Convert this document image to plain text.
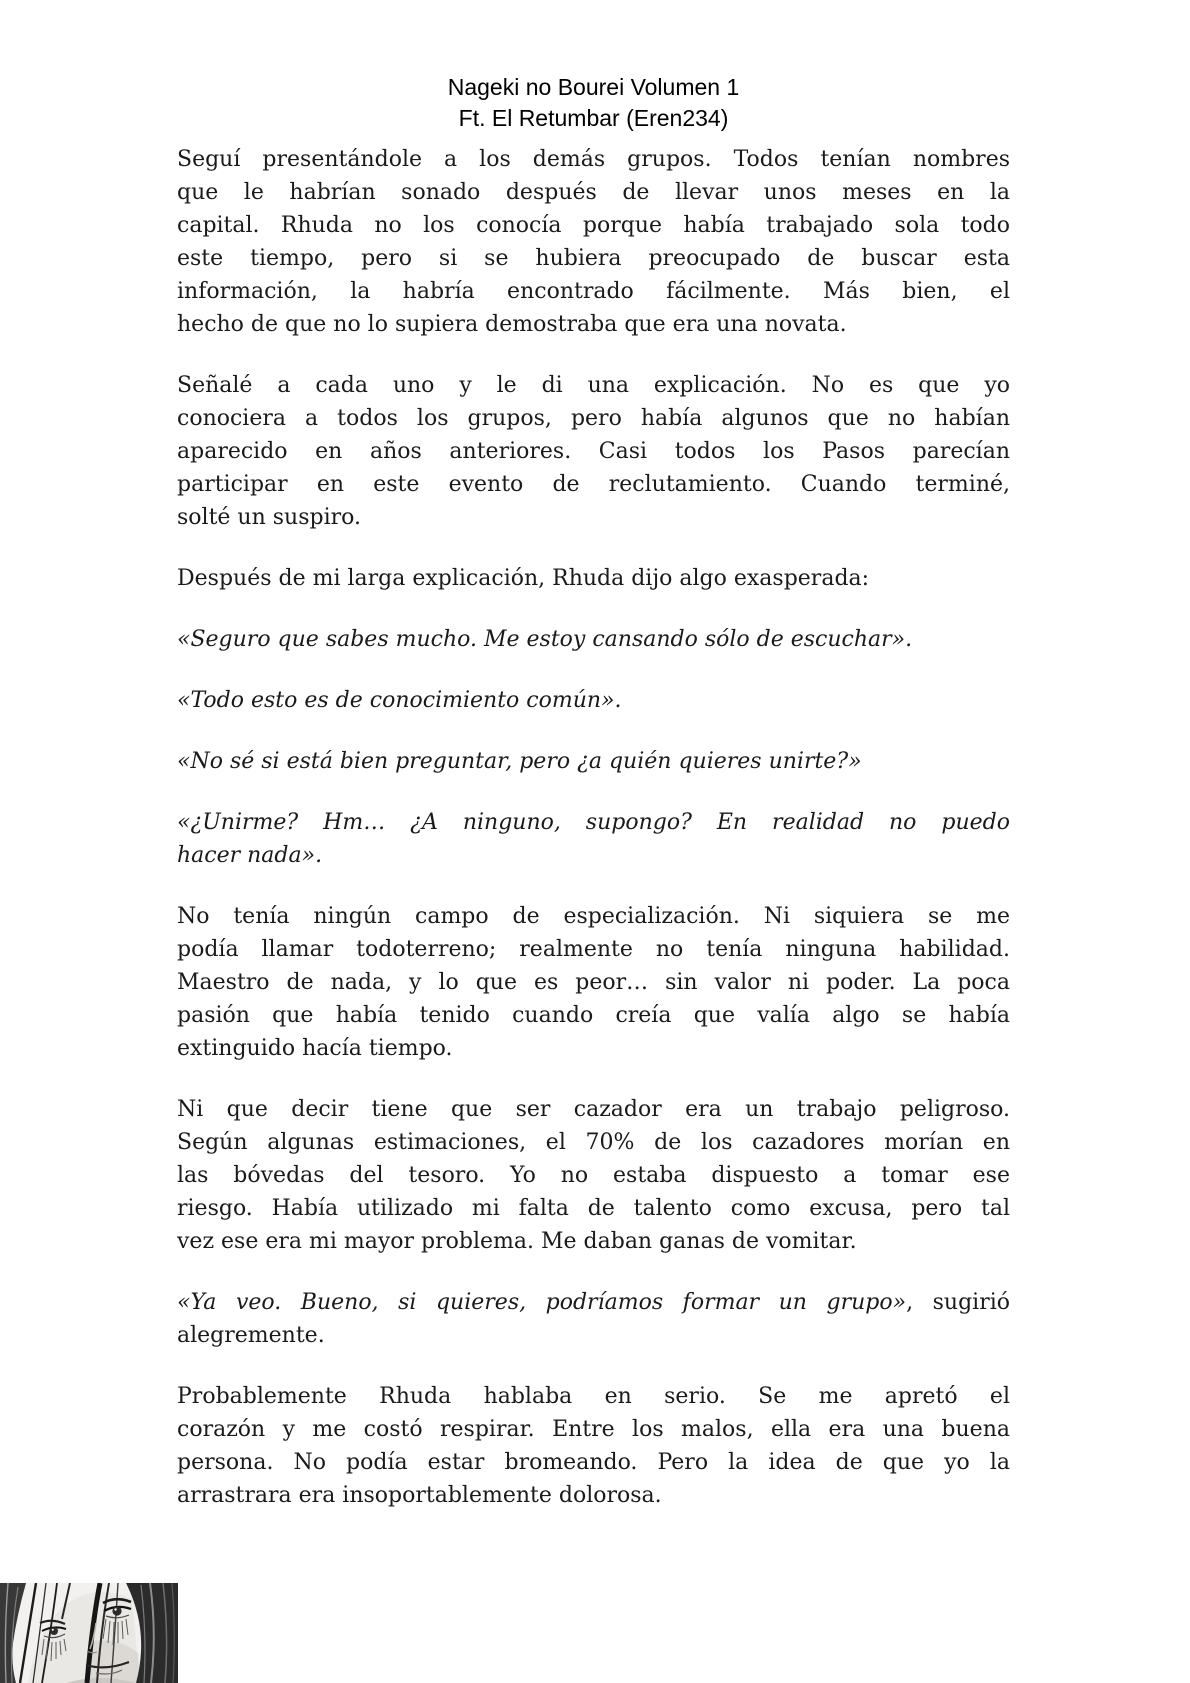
Nageki no Bourei Volumen 1
Ft. El Retumbar (Eren234)
Seguí presentándole a los demás grupos. Todos tenían nombres
que le habrían sonado después de llevar unos meses en la
capital. Rhuda no los conocía porque había trabajado sola todo
este tiempo, pero si se hubiera preocupado de buscar esta
información, la habría encontrado fácilmente. Más bien, el
hecho de que no lo supiera demostraba que era una novata.
Señalé a cada uno y le di una explicación. No es que yo
conociera a todos los grupos, pero había algunos que no habían
aparecido en años anteriores. Casi todos los Pasos parecían
participar en este evento de reclutamiento. Cuando terminé,
solté un suspiro.
Después de mi larga explicación, Rhuda dijo algo exasperada:
«Seguro que sabes mucho. Me estoy cansando sólo de escuchar».
«Todo esto es de conocimiento común».
«No sé si está bien preguntar, pero ¿a quién quieres unirte?»
«¿Unirme? Hm… ¿A ninguno, supongo? En realidad no puedo
hacer nada».
No tenía ningún campo de especialización. Ni siquiera se me
podía llamar todoterreno; realmente no tenía ninguna habilidad.
Maestro de nada, y lo que es peor… sin valor ni poder. La poca
pasión que había tenido cuando creía que valía algo se había
extinguido hacía tiempo.
Ni que decir tiene que ser cazador era un trabajo peligroso.
Según algunas estimaciones, el 70% de los cazadores morían en
las bóvedas del tesoro. Yo no estaba dispuesto a tomar ese
riesgo. Había utilizado mi falta de talento como excusa, pero tal
vez ese era mi mayor problema. Me daban ganas de vomitar.
«Ya veo. Bueno, si quieres, podríamos formar un grupo», sugirió
alegremente.
Probablemente Rhuda hablaba en serio. Se me apretó el
corazón y me costó respirar. Entre los malos, ella era una buena
persona. No podía estar bromeando. Pero la idea de que yo la
arrastrara era insoportablemente dolorosa.
